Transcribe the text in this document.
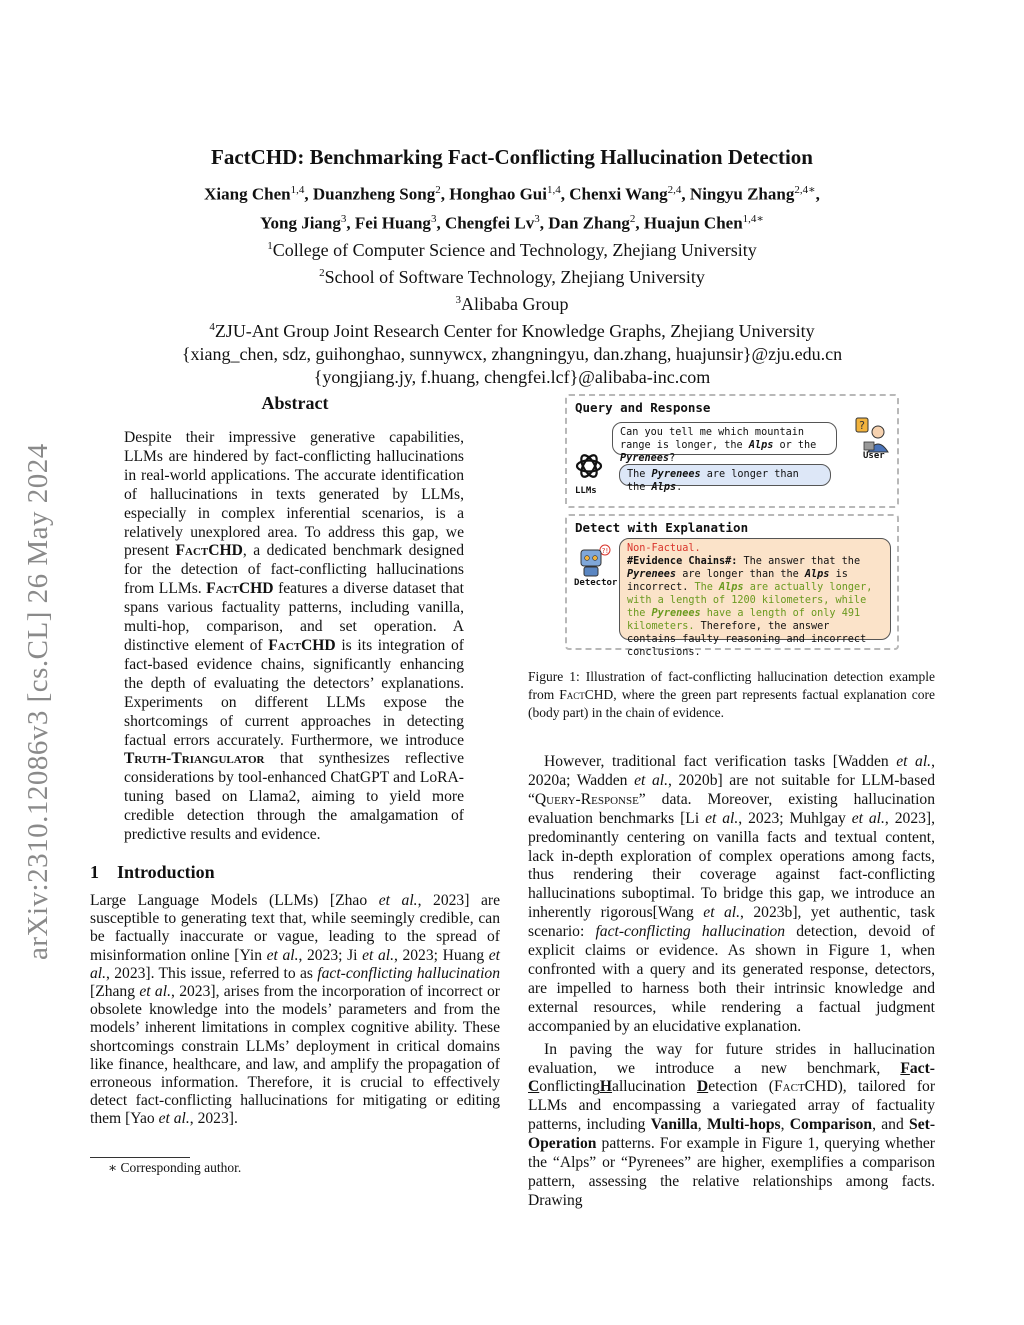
arXiv:2310.12086v3 [cs.CL] 26 May 2024
FactCHD: Benchmarking Fact-Conflicting Hallucination Detection
Xiang Chen$^{1,4}$, Duanzheng Song$^2$, Honghao Gui$^{1,4}$, Chenxi Wang$^{2,4}$, Ningyu Zhang$^{2,4∗}$,
Yong Jiang$^3$, Fei Huang$^3$, Chengfei Lv$^3$, Dan Zhang$^2$, Huajun Chen$^{1,4∗}$
$^1$College of Computer Science and Technology, Zhejiang University
$^2$School of Software Technology, Zhejiang University
$^3$Alibaba Group
$^4$ZJU-Ant Group Joint Research Center for Knowledge Graphs, Zhejiang University
{xiang_chen, sdz, guihonghao, sunnywcx, zhangningyu, dan.zhang, huajunsir}@zju.edu.cn
{yongjiang.jy, f.huang, chengfei.lcf}@alibaba-inc.com
Abstract
Despite their impressive generative capabilities, LLMs are hindered by fact-conflicting hallucinations in real-world applications. The accurate identification of hallucinations in texts generated by LLMs, especially in complex inferential scenarios, is a relatively unexplored area. To address this gap, we present FactCHD, a dedicated benchmark designed for the detection of fact-conflicting hallucinations from LLMs. FactCHD features a diverse dataset that spans various factuality patterns, including vanilla, multi-hop, comparison, and set operation. A distinctive element of FactCHD is its integration of fact-based evidence chains, significantly enhancing the depth of evaluating the detectors’ explanations. Experiments on different LLMs expose the shortcomings of current approaches in detecting factual errors accurately. Furthermore, we introduce Truth-Triangulator that synthesizes reflective considerations by tool-enhanced ChatGPT and LoRA-tuning based on Llama2, aiming to yield more credible detection through the amalgamation of predictive results and evidence.
1 Introduction
Large Language Models (LLMs) [Zhao et al., 2023] are susceptible to generating text that, while seemingly credible, can be factually inaccurate or vague, leading to the spread of misinformation online [Yin et al., 2023; Ji et al., 2023; Huang et al., 2023]. This issue, referred to as fact-conflicting hallucination [Zhang et al., 2023], arises from the incorporation of incorrect or obsolete knowledge into the models’ parameters and from the models’ inherent limitations in complex cognitive ability. These shortcomings constrain LLMs’ deployment in critical domains like finance, healthcare, and law, and amplify the propagation of erroneous information. Therefore, it is crucial to effectively detect fact-conflicting hallucinations for mitigating or editing them [Yao et al., 2023].
∗ Corresponding author.
Query and Response
Can you tell me which mountain range is longer, the Alps or the Pyrenees?
?
User
LLMs
The Pyrenees are longer than the Alps.
Detect with Explanation
?!
Detector
Non-Factual.
#Evidence Chains#: The answer that the Pyrenees are longer than the Alps is incorrect. The Alps are actually longer, with a length of 1200 kilometers, while the Pyrenees have a length of only 491 kilometers. Therefore, the answer contains faulty reasoning and incorrect conclusions.
Figure 1: Illustration of fact-conflicting hallucination detection example from FactCHD, where the green part represents factual explanation core (body part) in the chain of evidence.

However, traditional fact verification tasks [Wadden et al., 2020a; Wadden et al., 2020b] are not suitable for LLM-based “Query-Response” data. Moreover, existing hallucination evaluation benchmarks [Li et al., 2023; Muhlgay et al., 2023], predominantly centering on vanilla facts and textual content, lack in-depth exploration of complex operations among facts, thus rendering their coverage against fact-conflicting hallucinations suboptimal. To bridge this gap, we introduce an inherently rigorous[Wang et al., 2023b], yet authentic, task scenario: fact-conflicting hallucination detection, devoid of explicit claims or evidence. As shown in Figure 1, when confronted with a query and its generated response, detectors, are impelled to harness both their intrinsic knowledge and external resources, while rendering a factual judgment accompanied by an elucidative explanation.

In paving the way for future strides in hallucination evaluation, we introduce a new benchmark, Fact-ConflictingHallucination Detection (FactCHD), tailored for LLMs and encompassing a variegated array of factuality patterns, including Vanilla, Multi-hops, Comparison, and Set-Operation patterns. For example in Figure 1, querying whether the “Alps” or “Pyrenees” are higher, exemplifies a comparison pattern, assessing the relative relationships among facts. Drawing
